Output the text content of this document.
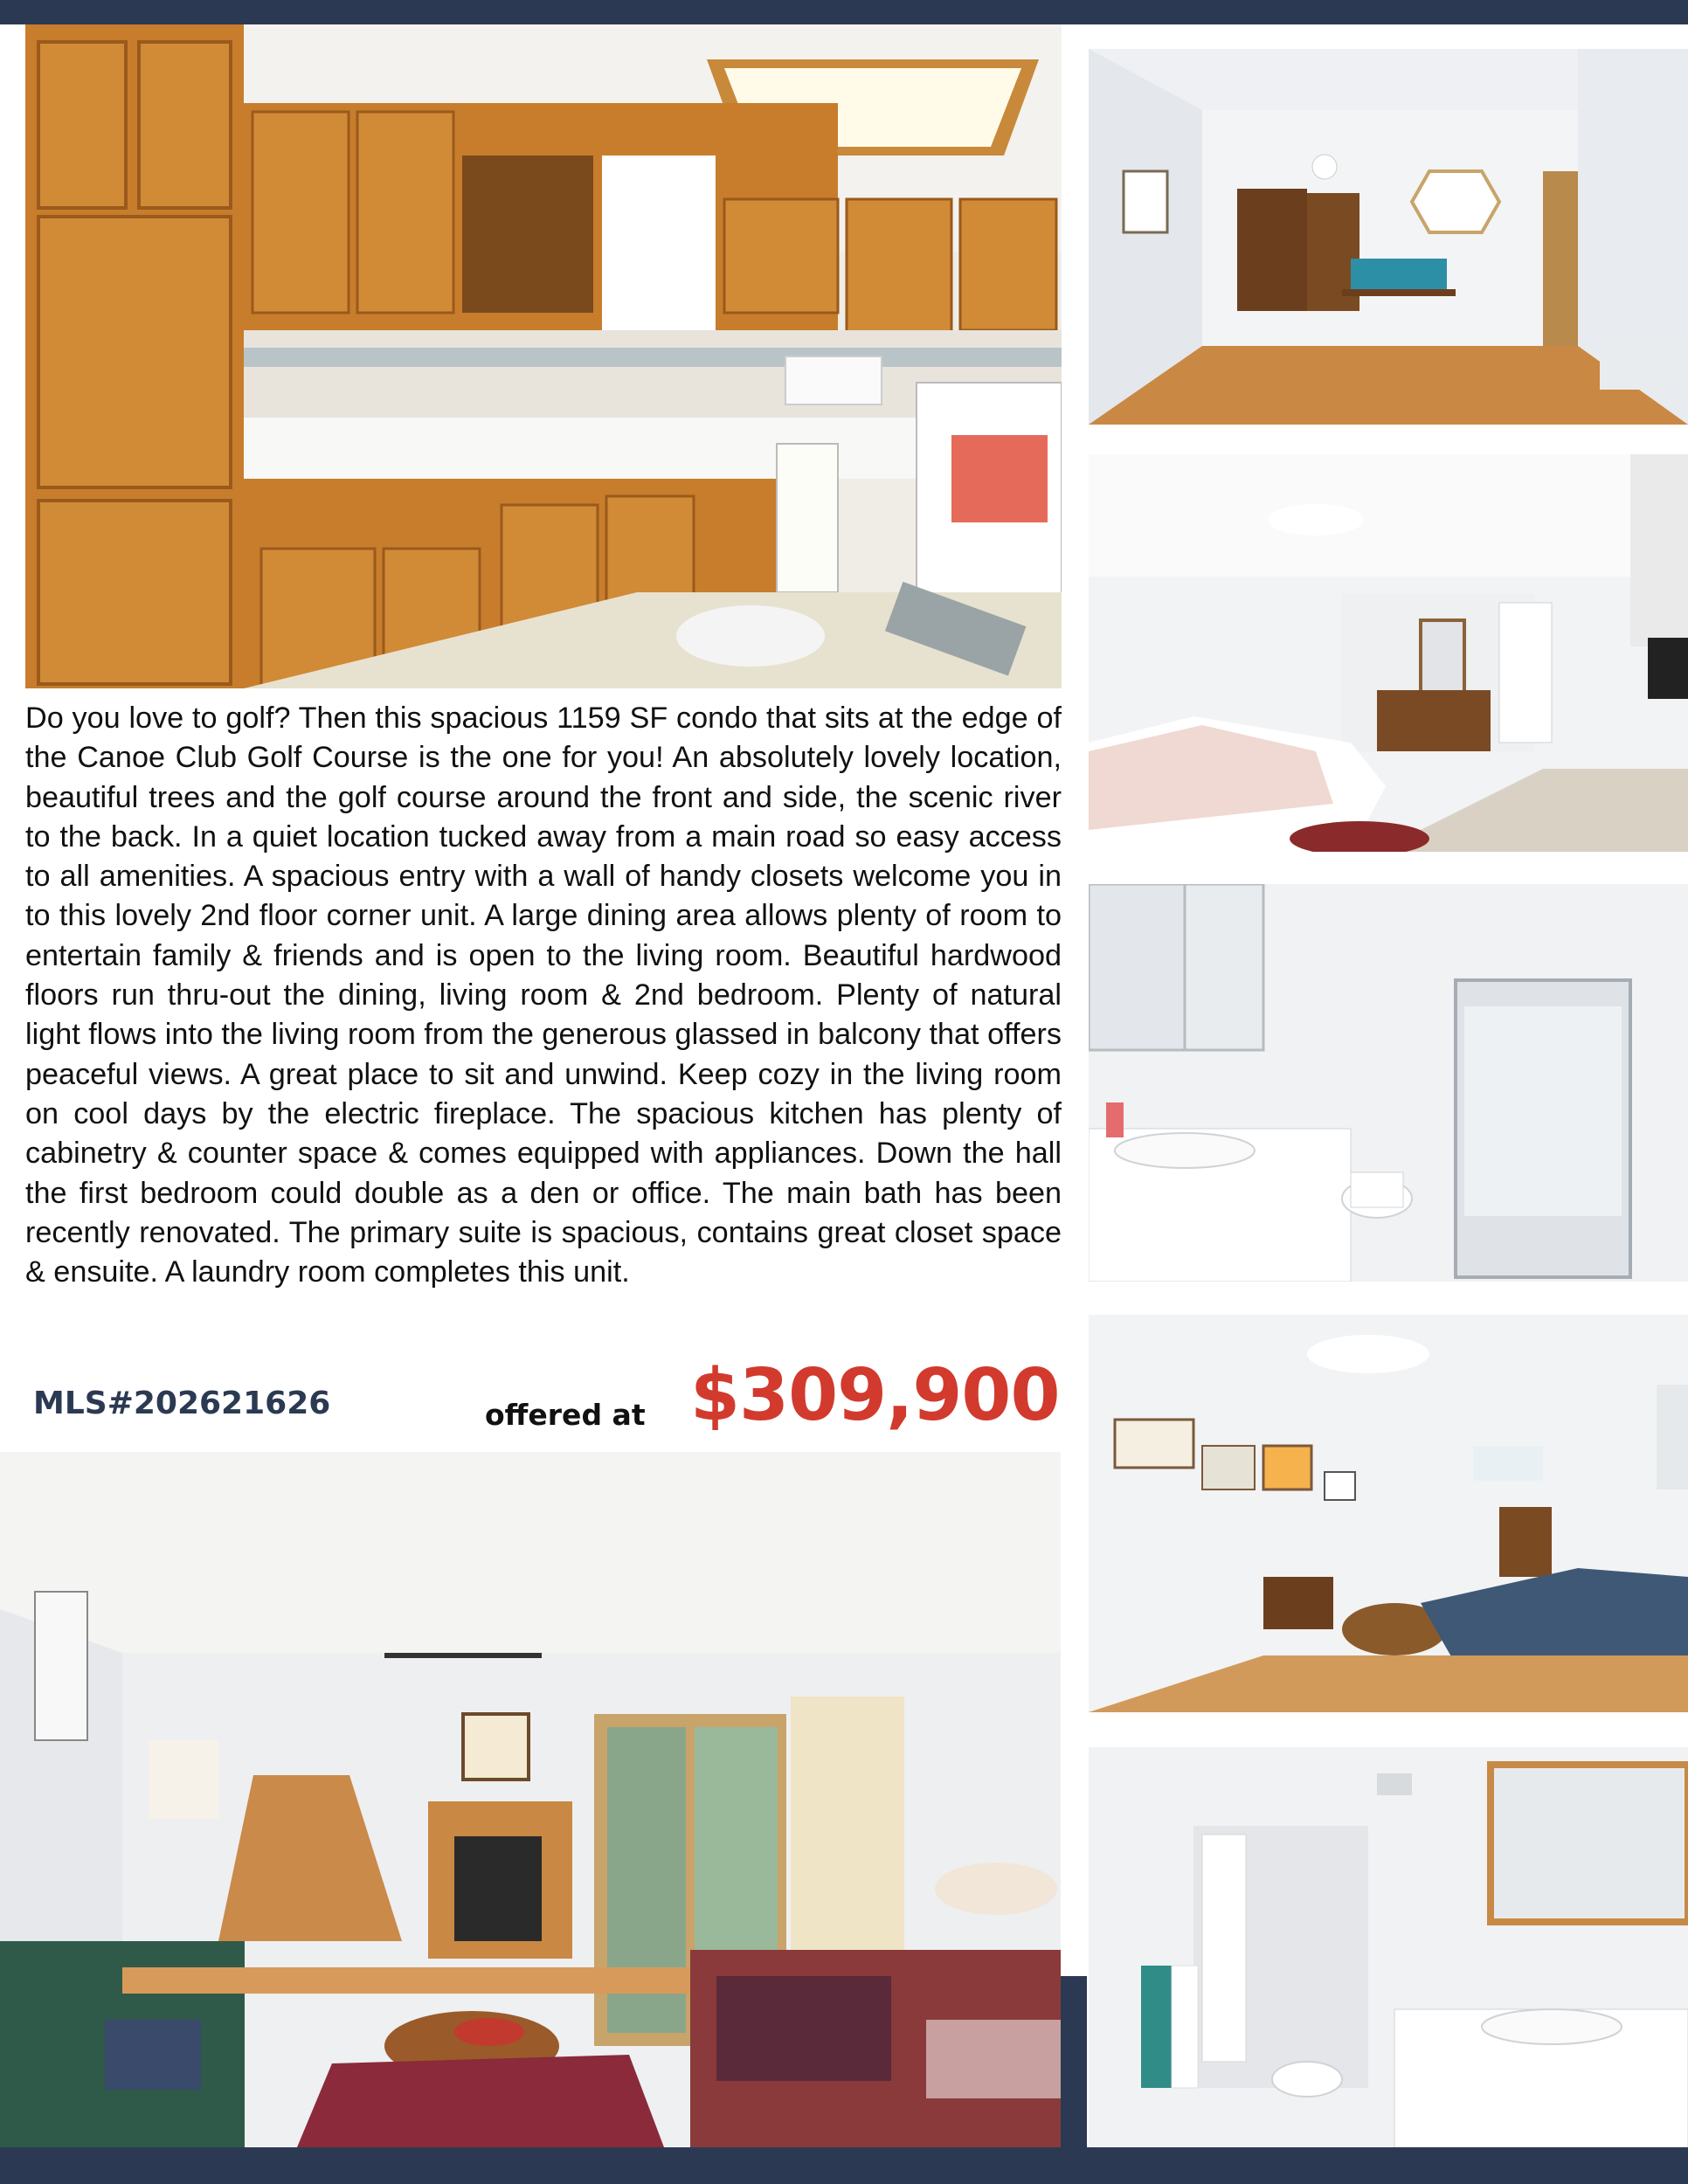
Do you love to golf? Then this spacious 1159 SF condo that sits at the edge of the Canoe Club Golf Course is the one for you! An absolutely lovely location, beautiful trees and the golf course around the front and side, the scenic river to the back. In a quiet location tucked away from a main road so easy access to all amenities. A spacious entry with a wall of handy closets welcome you in to this lovely 2nd floor corner unit. A large dining area allows plenty of room to entertain family & friends and is open to the living room. Beautiful hardwood floors run thru-out the dining, living room & 2nd bedroom. Plenty of natural light flows into the living room from the generous glassed in balcony that offers peaceful views. A great place to sit and unwind. Keep cozy in the living room on cool days by the electric fireplace. The spacious kitchen has plenty of cabinetry & counter space & comes equipped with appliances. Down the hall the first bedroom could double as a den or office. The main bath has been recently renovated. The primary suite is spacious, contains great closet space & ensuite. A laundry room completes this unit.

MLS#202621626	offered at $309,900
